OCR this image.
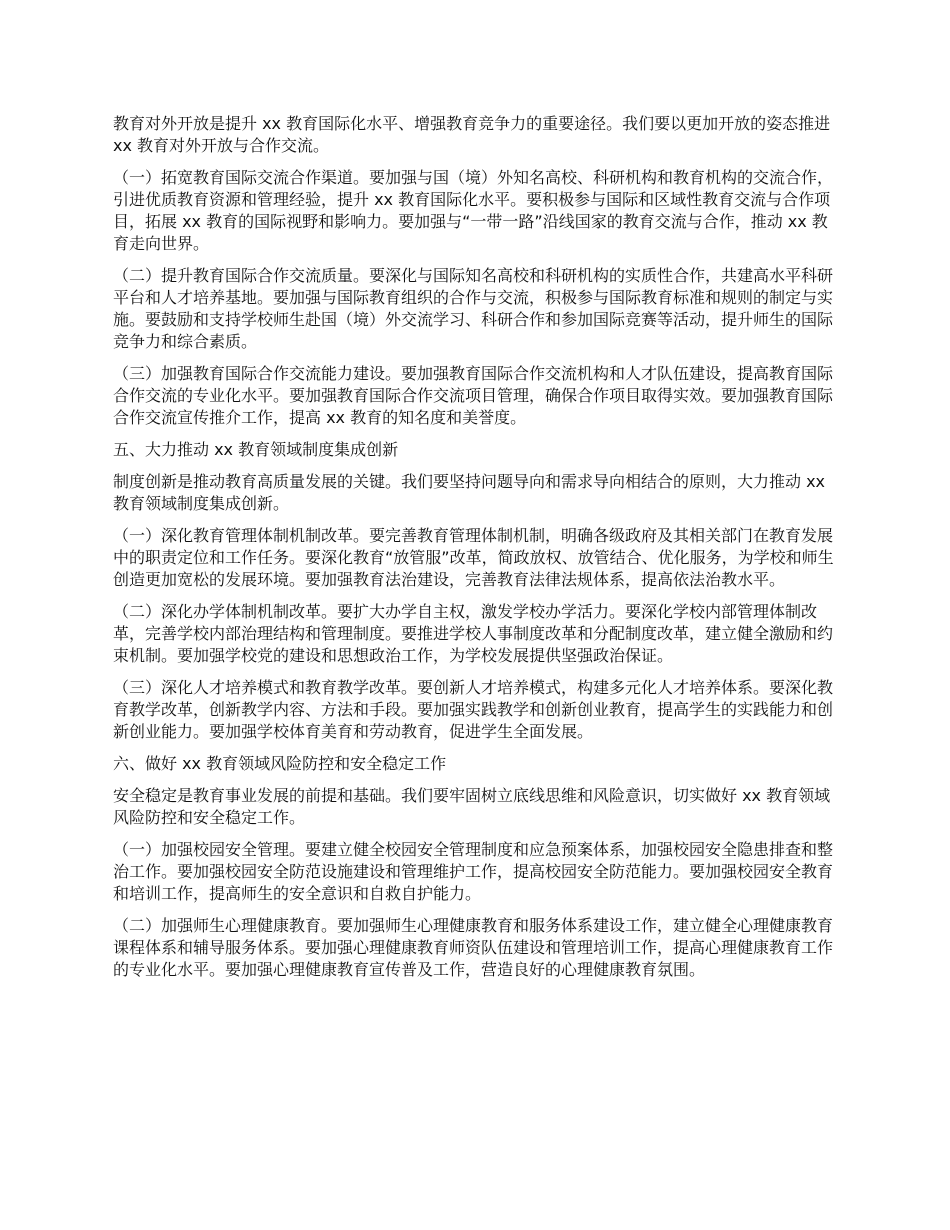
教育对外开放是提升 xx 教育国际化水平、增强教育竞争力的重要途径。我们要以更加开放的姿态推进 xx 教育对外开放与合作交流。

（一）拓宽教育国际交流合作渠道。要加强与国（境）外知名高校、科研机构和教育机构的交流合作，引进优质教育资源和管理经验，提升 xx 教育国际化水平。要积极参与国际和区域性教育交流与合作项目，拓展 xx 教育的国际视野和影响力。要加强与“一带一路”沿线国家的教育交流与合作，推动 xx 教育走向世界。

（二）提升教育国际合作交流质量。要深化与国际知名高校和科研机构的实质性合作，共建高水平科研平台和人才培养基地。要加强与国际教育组织的合作与交流，积极参与国际教育标准和规则的制定与实施。要鼓励和支持学校师生赴国（境）外交流学习、科研合作和参加国际竞赛等活动，提升师生的国际竞争力和综合素质。

（三）加强教育国际合作交流能力建设。要加强教育国际合作交流机构和人才队伍建设，提高教育国际合作交流的专业化水平。要加强教育国际合作交流项目管理，确保合作项目取得实效。要加强教育国际合作交流宣传推介工作，提高 xx 教育的知名度和美誉度。

五、大力推动 xx 教育领域制度集成创新

制度创新是推动教育高质量发展的关键。我们要坚持问题导向和需求导向相结合的原则，大力推动 xx 教育领域制度集成创新。

（一）深化教育管理体制机制改革。要完善教育管理体制机制，明确各级政府及其相关部门在教育发展中的职责定位和工作任务。要深化教育“放管服”改革，简政放权、放管结合、优化服务，为学校和师生创造更加宽松的发展环境。要加强教育法治建设，完善教育法律法规体系，提高依法治教水平。

（二）深化办学体制机制改革。要扩大办学自主权，激发学校办学活力。要深化学校内部管理体制改革，完善学校内部治理结构和管理制度。要推进学校人事制度改革和分配制度改革，建立健全激励和约束机制。要加强学校党的建设和思想政治工作，为学校发展提供坚强政治保证。

（三）深化人才培养模式和教育教学改革。要创新人才培养模式，构建多元化人才培养体系。要深化教育教学改革，创新教学内容、方法和手段。要加强实践教学和创新创业教育，提高学生的实践能力和创新创业能力。要加强学校体育美育和劳动教育，促进学生全面发展。

六、做好 xx 教育领域风险防控和安全稳定工作

安全稳定是教育事业发展的前提和基础。我们要牢固树立底线思维和风险意识，切实做好 xx 教育领域风险防控和安全稳定工作。

（一）加强校园安全管理。要建立健全校园安全管理制度和应急预案体系，加强校园安全隐患排查和整治工作。要加强校园安全防范设施建设和管理维护工作，提高校园安全防范能力。要加强校园安全教育和培训工作，提高师生的安全意识和自救自护能力。

（二）加强师生心理健康教育。要加强师生心理健康教育和服务体系建设工作，建立健全心理健康教育课程体系和辅导服务体系。要加强心理健康教育师资队伍建设和管理培训工作，提高心理健康教育工作的专业化水平。要加强心理健康教育宣传普及工作，营造良好的心理健康教育氛围。
